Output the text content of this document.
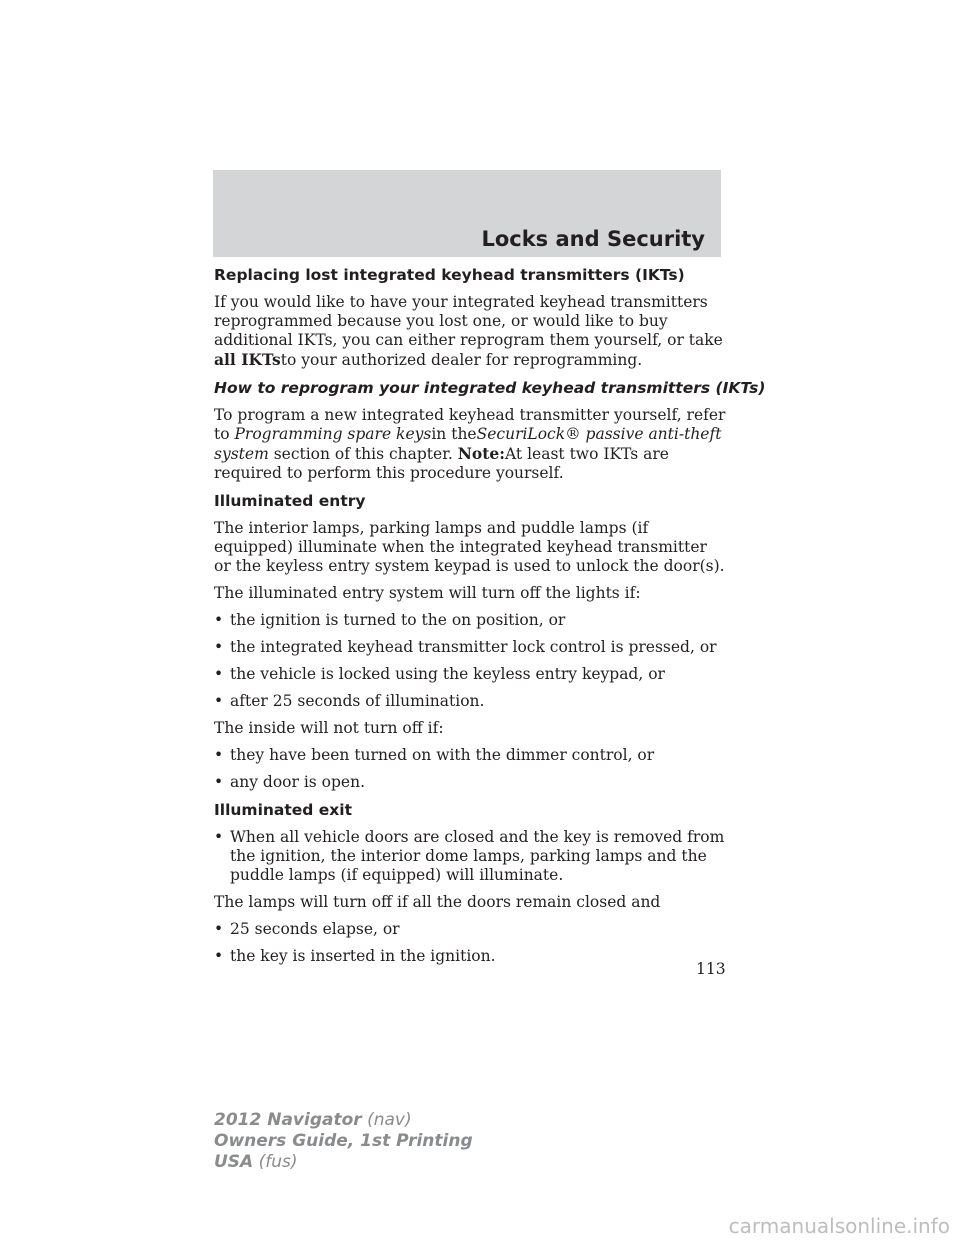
Locks and Security
Replacing lost integrated keyhead transmitters (IKTs)

If you would like to have your integrated keyhead transmitters reprogrammed because you lost one, or would like to buy additional IKTs, you can either reprogram them yourself, or take all IKTsto your authorized dealer for reprogramming.

How to reprogram your integrated keyhead transmitters (IKTs)

To program a new integrated keyhead transmitter yourself, refer to Programming spare keysin theSecuriLock® passive anti-theft system section of this chapter. Note:At least two IKTs are required to perform this procedure yourself.

Illuminated entry

The interior lamps, parking lamps and puddle lamps (if equipped) illuminate when the integrated keyhead transmitter or the keyless entry system keypad is used to unlock the door(s).

The illuminated entry system will turn off the lights if:

• the ignition is turned to the on position, or
• the integrated keyhead transmitter lock control is pressed, or
• the vehicle is locked using the keyless entry keypad, or
• after 25 seconds of illumination.

The inside will not turn off if:

• they have been turned on with the dimmer control, or
• any door is open.
Illuminated exit
• When all vehicle doors are closed and the key is removed from the ignition, the interior dome lamps, parking lamps and the puddle lamps (if equipped) will illuminate.

The lamps will turn off if all the doors remain closed and

• 25 seconds elapse, or
• the key is inserted in the ignition.
113
2012 Navigator (nav)
Owners Guide, 1st Printing
USA (fus)
carmanualsonline.info
